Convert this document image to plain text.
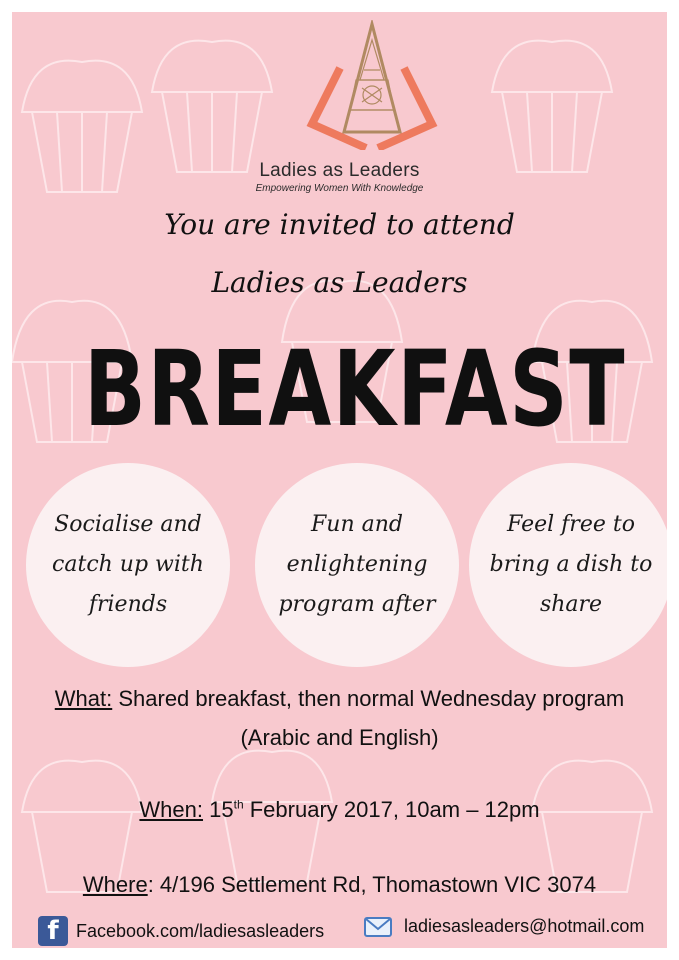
Ladies as Leaders
Empowering Women With Knowledge
You are invited to attend
Ladies as Leaders
BREAKFAST
Socialise and
catch up with
friends
Fun and
enlightening
program after
Feel free to
bring a dish to
share
What: Shared breakfast, then normal Wednesday program
(Arabic and English)
When: 15th February 2017, 10am – 12pm
Where: 4/196 Settlement Rd, Thomastown VIC 3074
f Facebook.com/ladiesasleaders	ladiesasleaders@hotmail.com
